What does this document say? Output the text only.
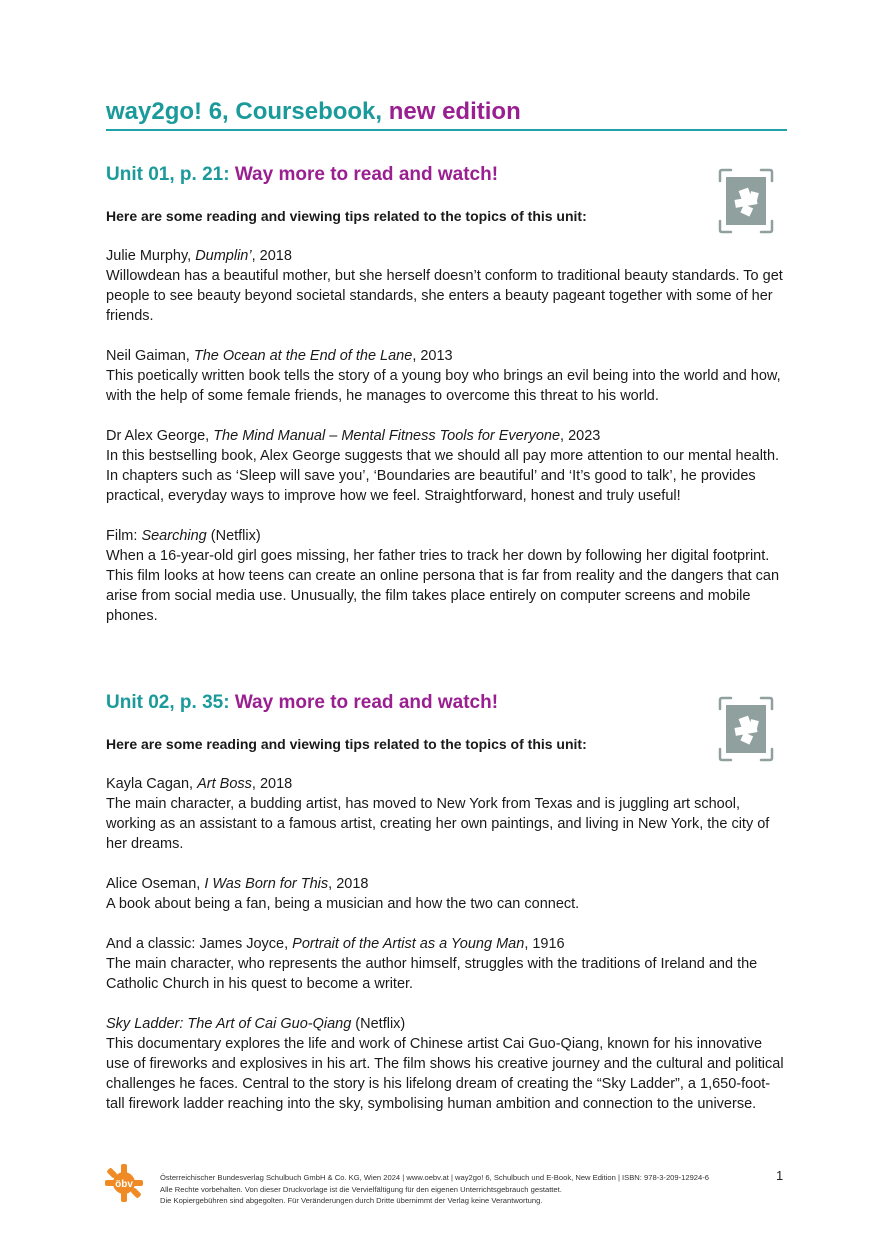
way2go! 6, Coursebook, new edition
Unit 01, p. 21: Way more to read and watch!

Here are some reading and viewing tips related to the topics of this unit:

Julie Murphy, Dumplin’, 2018

Willowdean has a beautiful mother, but she herself doesn’t conform to traditional beauty standards. To get people to see beauty beyond societal standards, she enters a beauty pageant together with some of her friends.

Neil Gaiman, The Ocean at the End of the Lane, 2013

This poetically written book tells the story of a young boy who brings an evil being into the world and how, with the help of some female friends, he manages to overcome this threat to his world.

Dr Alex George, The Mind Manual – Mental Fitness Tools for Everyone, 2023

In this bestselling book, Alex George suggests that we should all pay more attention to our mental health. In chapters such as ‘Sleep will save you’, ‘Boundaries are beautiful’ and ‘It’s good to talk’, he provides practical, everyday ways to improve how we feel. Straightforward, honest and truly useful!

Film: Searching (Netflix)

When a 16-year-old girl goes missing, her father tries to track her down by following her digital footprint. This film looks at how teens can create an online persona that is far from reality and the dangers that can arise from social media use. Unusually, the film takes place entirely on computer screens and mobile phones.

Unit 02, p. 35: Way more to read and watch!

Here are some reading and viewing tips related to the topics of this unit:

Kayla Cagan, Art Boss, 2018

The main character, a budding artist, has moved to New York from Texas and is juggling art school, working as an assistant to a famous artist, creating her own paintings, and living in New York, the city of her dreams.

Alice Oseman, I Was Born for This, 2018

A book about being a fan, being a musician and how the two can connect.

And a classic: James Joyce, Portrait of the Artist as a Young Man, 1916

The main character, who represents the author himself, struggles with the traditions of Ireland and the Catholic Church in his quest to become a writer.

Sky Ladder: The Art of Cai Guo-Qiang (Netflix)

This documentary explores the life and work of Chinese artist Cai Guo-Qiang, known for his innovative use of fireworks and explosives in his art. The film shows his creative journey and the cultural and political challenges he faces. Central to the story is his lifelong dream of creating the “Sky Ladder”, a 1,650-foot-tall firework ladder reaching into the sky, symbolising human ambition and connection to the universe.

öbv
Österreichischer Bundesverlag Schulbuch GmbH & Co. KG, Wien 2024 | www.oebv.at | way2go! 6, Schulbuch und E-Book, New Edition | ISBN: 978-3-209-12924-6
Alle Rechte vorbehalten. Von dieser Druckvorlage ist die Vervielfältigung für den eigenen Unterrichtsgebrauch gestattet.
Die Kopiergebühren sind abgegolten. Für Veränderungen durch Dritte übernimmt der Verlag keine Verantwortung.
1
